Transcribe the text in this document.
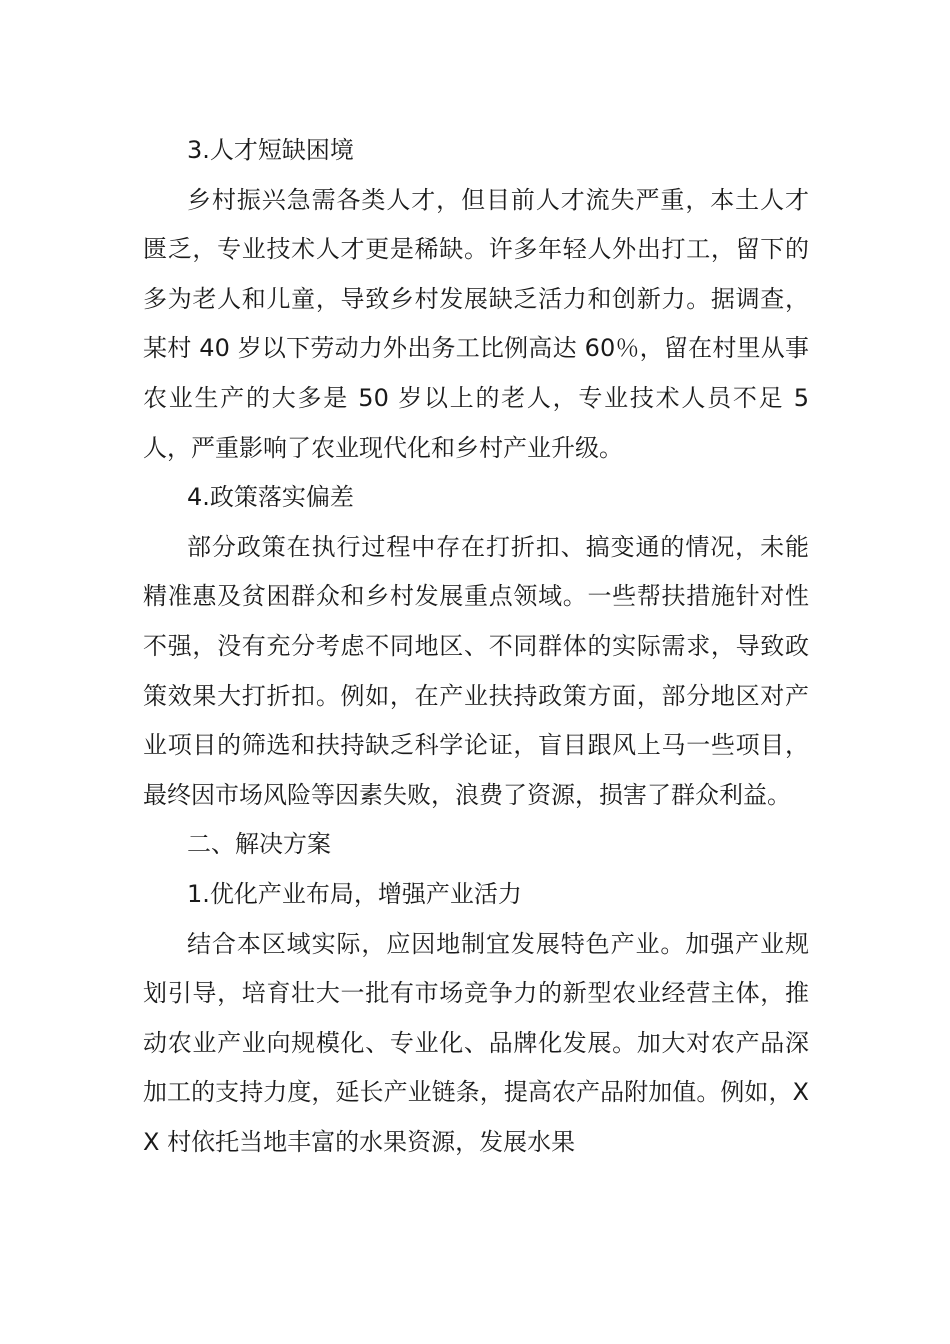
3.人才短缺困境

乡村振兴急需各类人才，但目前人才流失严重，本土人才匮乏，专业技术人才更是稀缺。许多年轻人外出打工，留下的多为老人和儿童，导致乡村发展缺乏活力和创新力。据调查，某村 40 岁以下劳动力外出务工比例高达 60％，留在村里从事农业生产的大多是 50 岁以上的老人，专业技术人员不足 5 人，严重影响了农业现代化和乡村产业升级。

4.政策落实偏差

部分政策在执行过程中存在打折扣、搞变通的情况，未能精准惠及贫困群众和乡村发展重点领域。一些帮扶措施针对性不强，没有充分考虑不同地区、不同群体的实际需求，导致政策效果大打折扣。例如，在产业扶持政策方面，部分地区对产业项目的筛选和扶持缺乏科学论证，盲目跟风上马一些项目，最终因市场风险等因素失败，浪费了资源，损害了群众利益。

二、解决方案

1.优化产业布局，增强产业活力

结合本区域实际，应因地制宜发展特色产业。加强产业规划引导，培育壮大一批有市场竞争力的新型农业经营主体，推动农业产业向规模化、专业化、品牌化发展。加大对农产品深加工的支持力度，延长产业链条，提高农产品附加值。例如，XX 村依托当地丰富的水果资源，发展水果
